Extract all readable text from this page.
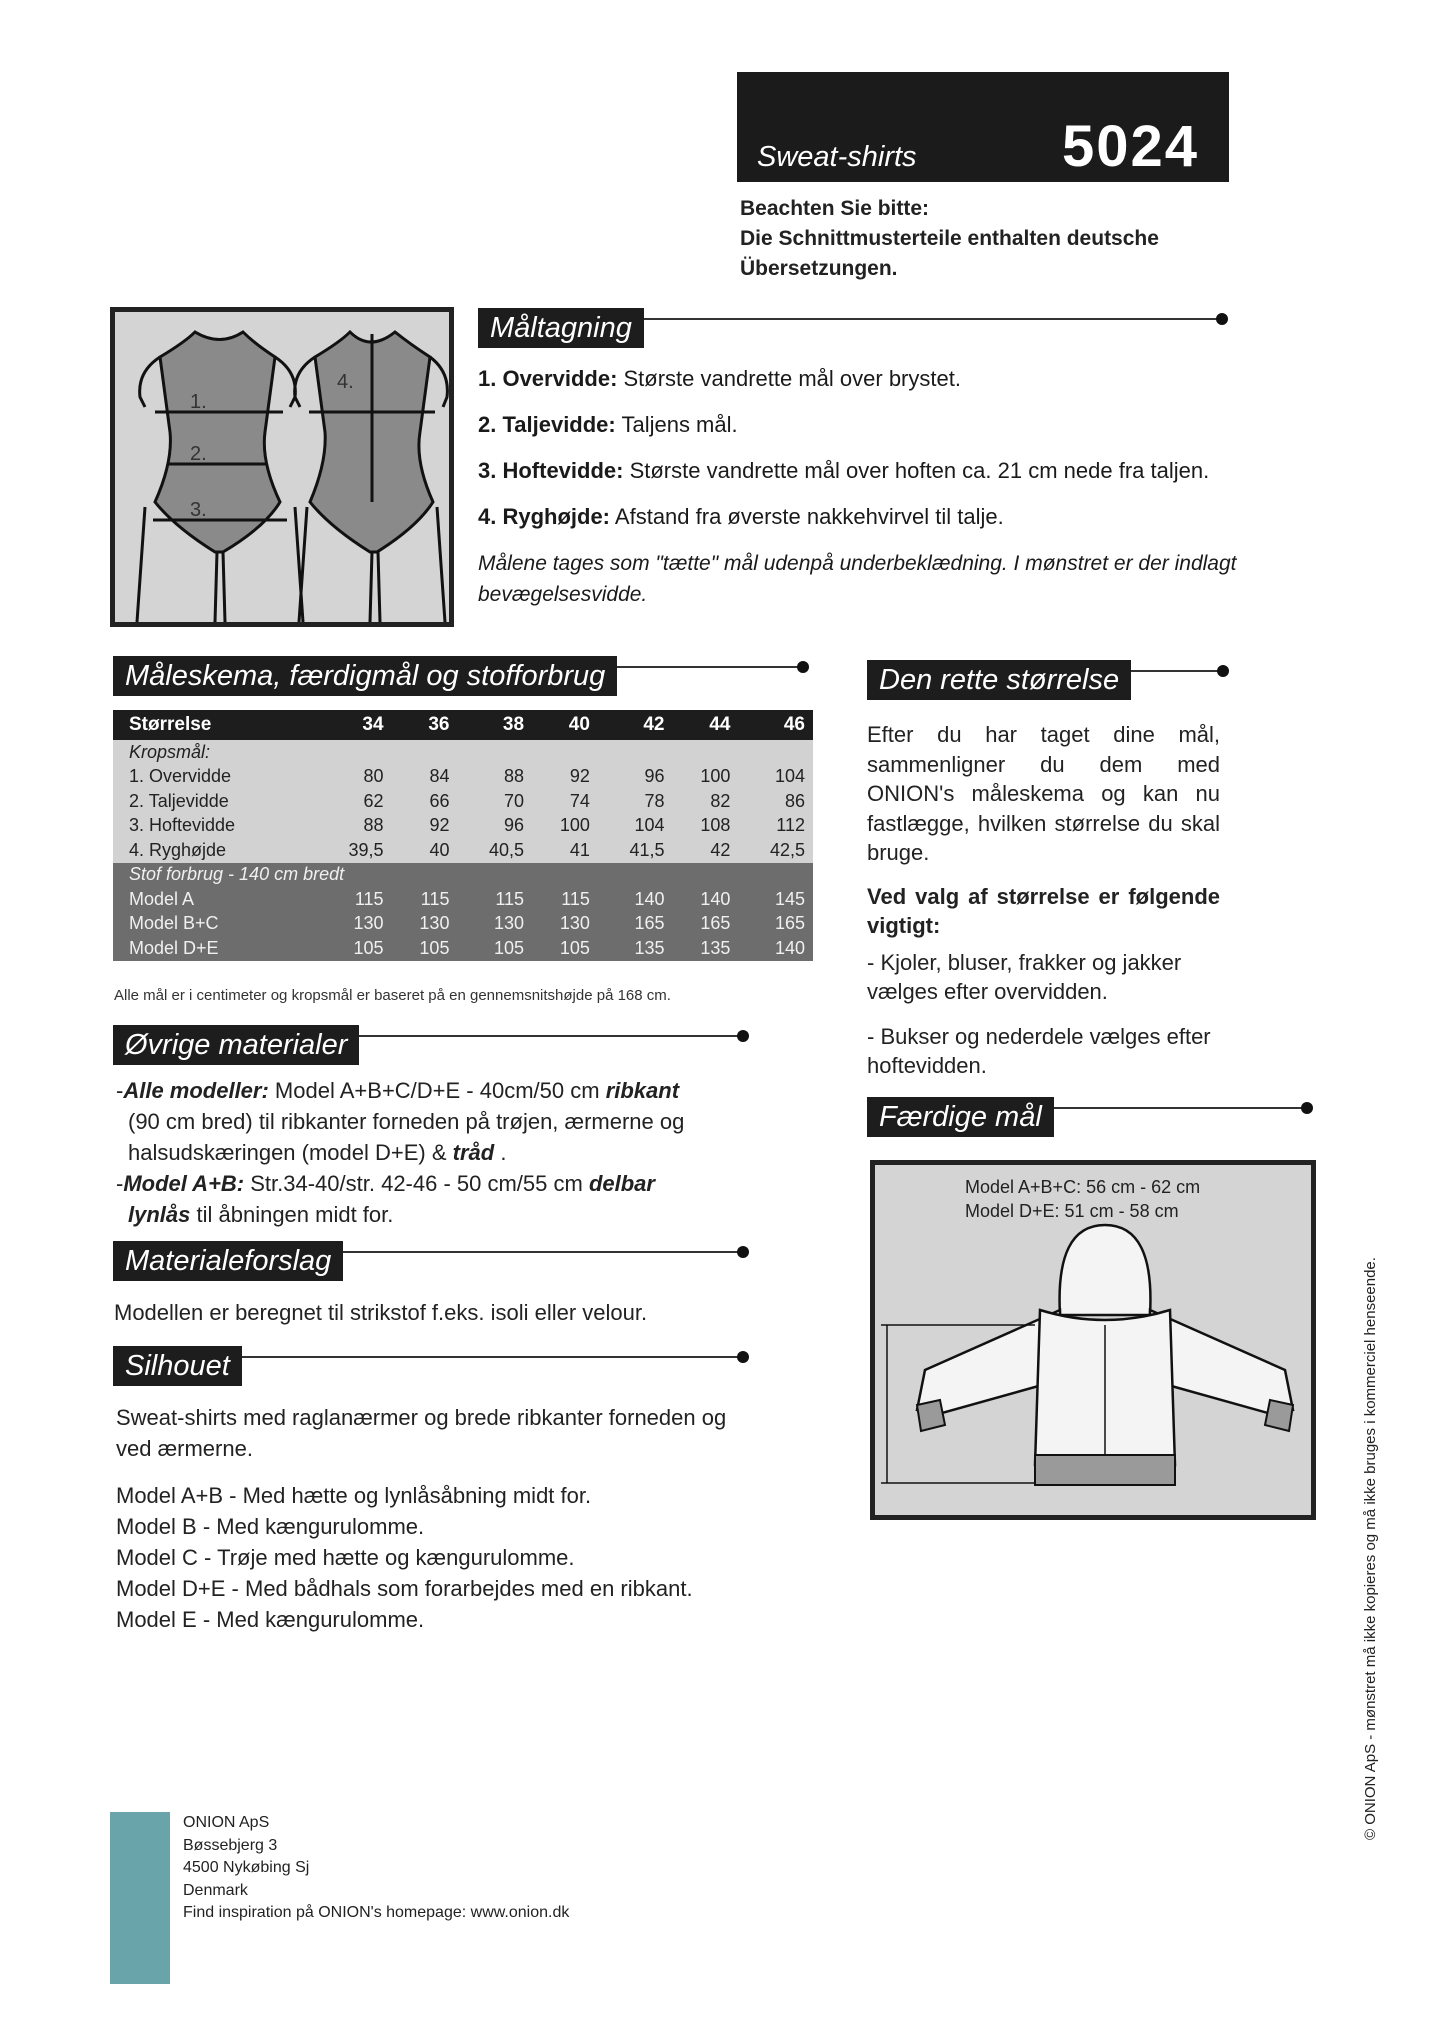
Sweat-shirts	5024
Beachten Sie bitte:
Die Schnittmusterteile enthalten deutsche
Übersetzungen.
1.
2.
3.
4.
Måltagning
1. Overvidde: Største vandrette mål over brystet.
2. Taljevidde: Taljens mål.
3. Hoftevidde: Største vandrette mål over hoften ca. 21 cm nede fra taljen.
4. Ryghøjde: Afstand fra øverste nakkehvirvel til talje.
Målene tages som "tætte" mål udenpå underbeklædning. I mønstret er der indlagt bevægelsesvidde.
Måleskema, færdigmål og stofforbrug
Størrelse	34	36	38	40	42	44	46
Kropsmål:							
1. Overvidde	80	84	88	92	96	100	104
2. Taljevidde	62	66	70	74	78	82	86
3. Hoftevidde	88	92	96	100	104	108	112
4. Ryghøjde	39,5	40	40,5	41	41,5	42	42,5
Stof forbrug - 140 cm bredt							
Model A	115	115	115	115	140	140	145
Model B+C	130	130	130	130	165	165	165
Model D+E	105	105	105	105	135	135	140
Alle mål er i centimeter og kropsmål er baseret på en gennemsnitshøjde på 168 cm.
Øvrige materialer
-Alle modeller: Model A+B+C/D+E - 40cm/50 cm ribkant
(90 cm bred) til ribkanter forneden på trøjen, ærmerne og
halsudskæringen (model D+E) & tråd .
-Model A+B: Str.34-40/str. 42-46 - 50 cm/55 cm delbar
lynlås til åbningen midt for.
Materialeforslag
Modellen er beregnet til strikstof f.eks. isoli eller velour.
Silhouet
Sweat-shirts med raglanærmer og brede ribkanter forneden og ved ærmerne.
Model A+B - Med hætte og lynlåsåbning midt for.
Model B - Med kængurulomme.
Model C - Trøje med hætte og kængurulomme.
Model D+E - Med bådhals som forarbejdes med en ribkant.
Model E - Med kængurulomme.
Den rette størrelse
Efter du har taget dine mål, sammenligner du dem med ONION's måleskema og kan nu fastlægge, hvilken størrelse du skal bruge.
Ved valg af størrelse er følgende vigtigt:
- Kjoler, bluser, frakker og jakker vælges efter overvidden.
- Bukser og nederdele vælges efter hoftevidden.
Færdige mål
Model A+B+C: 56 cm - 62 cm
Model D+E: 51 cm - 58 cm
ONION ApS
Bøssebjerg 3
4500 Nykøbing Sj
Denmark
Find inspiration på ONION's homepage: www.onion.dk
© ONION ApS - mønstret må ikke kopieres og må ikke bruges i kommerciel henseende.
